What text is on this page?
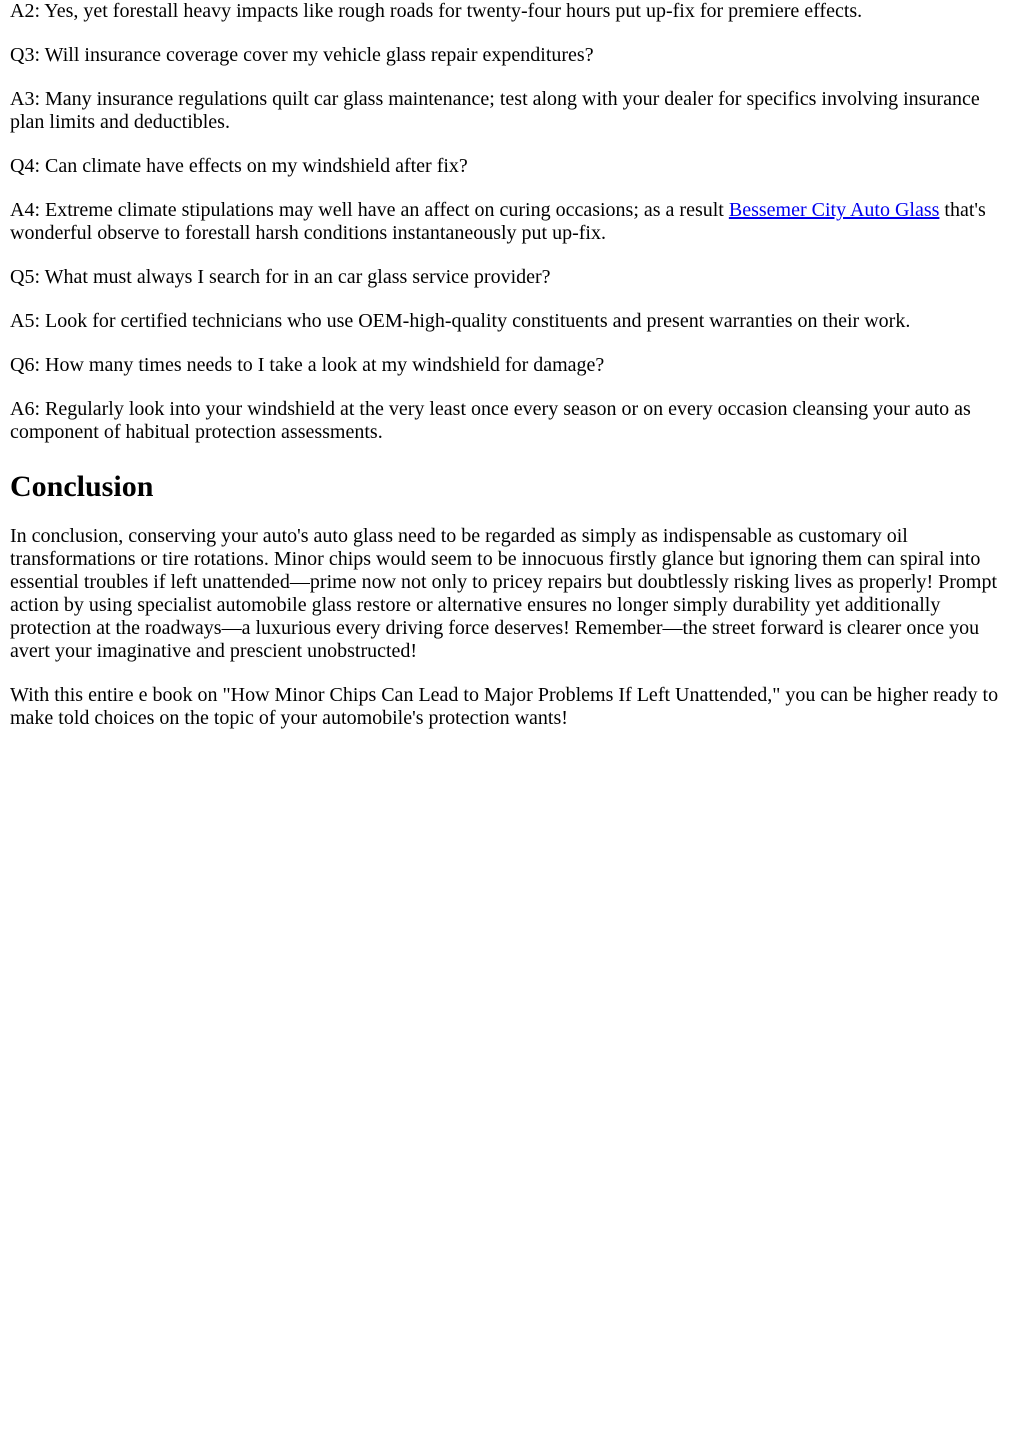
A2: Yes, yet forestall heavy impacts like rough roads for twenty-four hours put up-fix for premiere effects.

Q3: Will insurance coverage cover my vehicle glass repair expenditures?

A3: Many insurance regulations quilt car glass maintenance; test along with your dealer for specifics involving insurance plan limits and deductibles.

Q4: Can climate have effects on my windshield after fix?

A4: Extreme climate stipulations may well have an affect on curing occasions; as a result Bessemer City Auto Glass that's wonderful observe to forestall harsh conditions instantaneously put up-fix.

Q5: What must always I search for in an car glass service provider?

A5: Look for certified technicians who use OEM-high-quality constituents and present warranties on their work.

Q6: How many times needs to I take a look at my windshield for damage?

A6: Regularly look into your windshield at the very least once every season or on every occasion cleansing your auto as component of habitual protection assessments.

Conclusion

In conclusion, conserving your auto's auto glass need to be regarded as simply as indispensable as customary oil transformations or tire rotations. Minor chips would seem to be innocuous firstly glance but ignoring them can spiral into essential troubles if left unattended—prime now not only to pricey repairs but doubtlessly risking lives as properly! Prompt action by using specialist automobile glass restore or alternative ensures no longer simply durability yet additionally protection at the roadways—a luxurious every driving force deserves! Remember—the street forward is clearer once you avert your imaginative and prescient unobstructed!

With this entire e book on "How Minor Chips Can Lead to Major Problems If Left Unattended," you can be higher ready to make told choices on the topic of your automobile's protection wants!
